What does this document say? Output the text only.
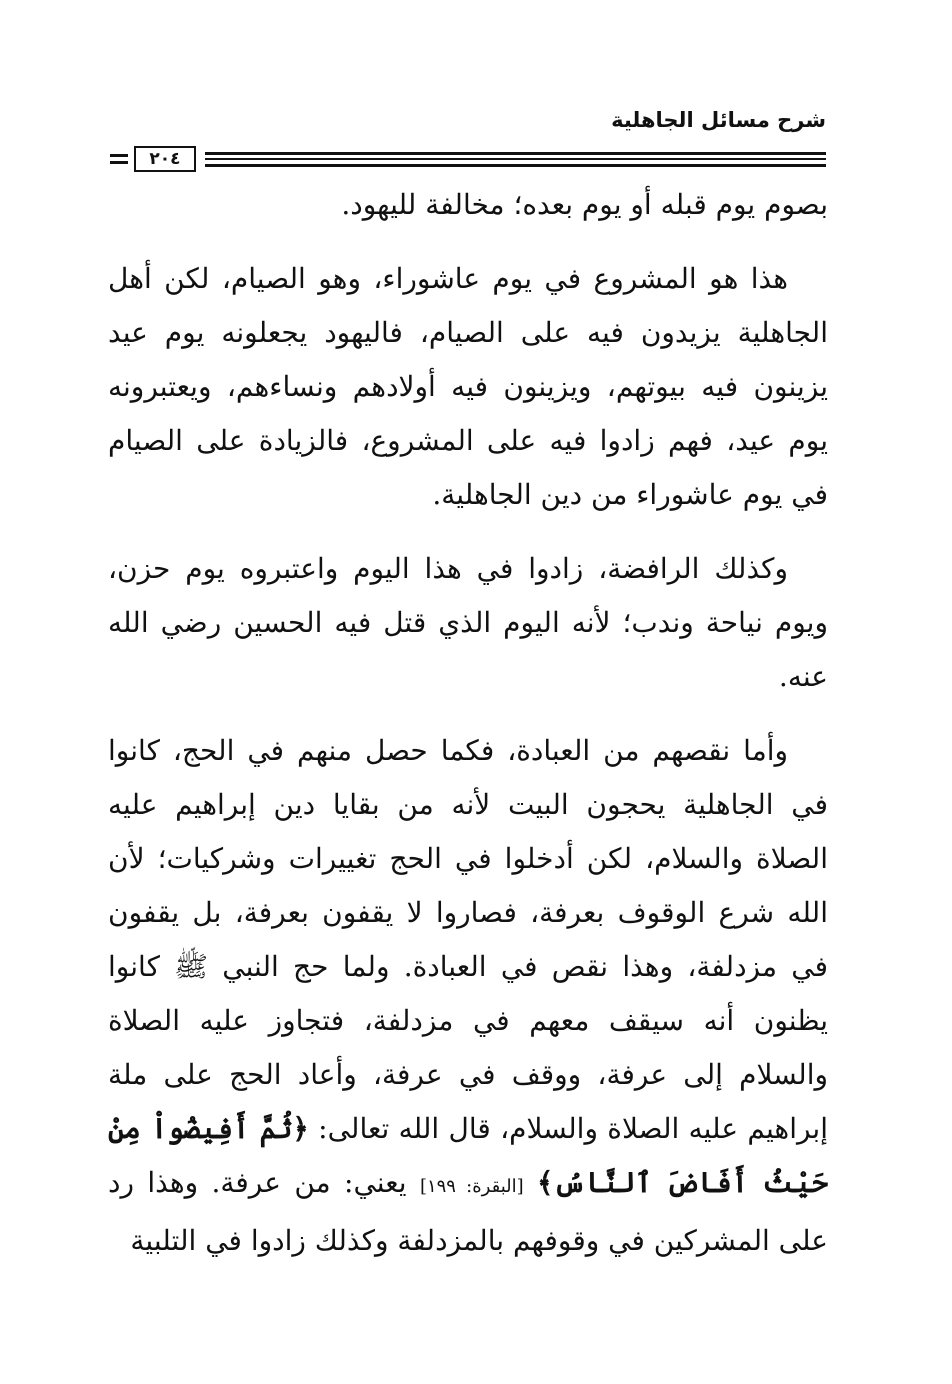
شرح مسائل الجاهلية
٢٠٤

بصوم يوم قبله أو يوم بعده؛ مخالفة لليهود.

هذا هو المشروع في يوم عاشوراء، وهو الصيام، لكن أهل الجاهلية يزيدون فيه على الصيام، فاليهود يجعلونه يوم عيد يزينون فيه بيوتهم، ويزينون فيه أولادهم ونساءهم، ويعتبرونه يوم عيد، فهم زادوا فيه على المشروع، فالزيادة على الصيام في يوم عاشوراء من دين الجاهلية.

وكذلك الرافضة، زادوا في هذا اليوم واعتبروه يوم حزن، ويوم نياحة وندب؛ لأنه اليوم الذي قتل فيه الحسين رضي الله عنه.

وأما نقصهم من العبادة، فكما حصل منهم في الحج، كانوا في الجاهلية يحجون البيت لأنه من بقايا دين إبراهيم عليه الصلاة والسلام، لكن أدخلوا في الحج تغييرات وشركيات؛ لأن الله شرع الوقوف بعرفة، فصاروا لا يقفون بعرفة، بل يقفون في مزدلفة، وهذا نقص في العبادة. ولما حج النبي ﷺ كانوا يظنون أنه سيقف معهم في مزدلفة، فتجاوز عليه الصلاة والسلام إلى عرفة، ووقف في عرفة، وأعاد الحج على ملة إبراهيم عليه الصلاة والسلام، قال الله تعالى: ﴿ثُمَّ أَفِيضُواْ مِنْ حَيْثُ أَفَاضَ ٱلنَّاسُ﴾ [البقرة: ١٩٩] يعني: من عرفة. وهذا رد على المشركين في وقوفهم بالمزدلفة وكذلك زادوا في التلبية
